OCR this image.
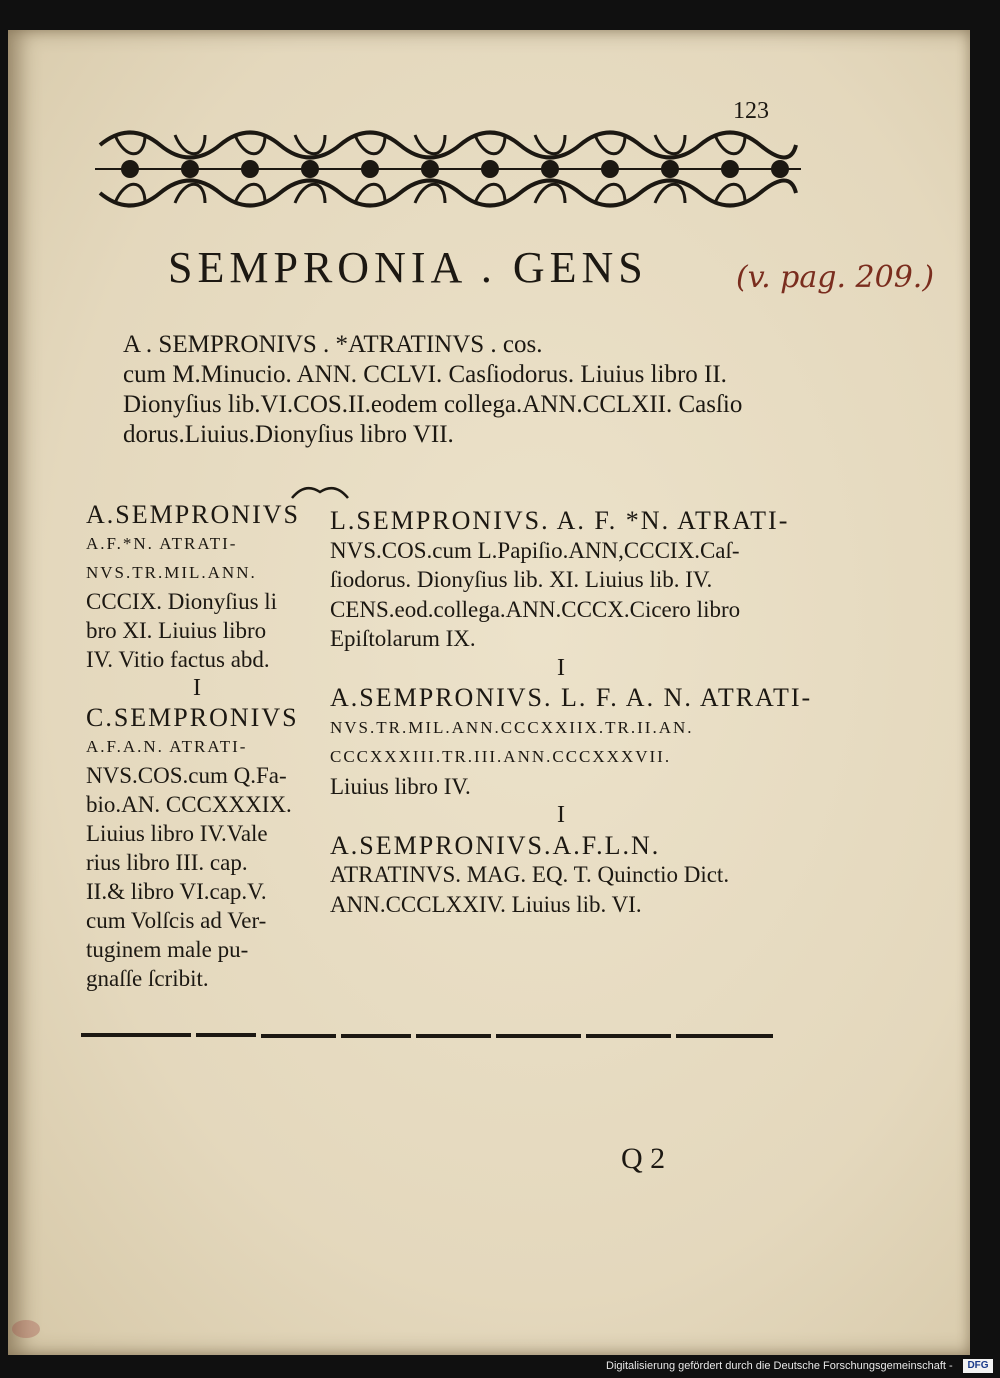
123
SEMPRONIA . GENS	(v. pag. 209.)
A . SEMPRONIVS . *ATRATINVS . cos.
cum M.Minucio. ANN. CCLVI. Casſiodorus. Liuius libro II.
Dionyſius lib.VI.COS.II.eodem collega.ANN.CCLXII. Casſio
dorus.Liuius.Dionyſius libro VII.
A.SEMPRONIVS
A.F.*N. ATRATI-
NVS.TR.MIL.ANN.
CCCIX. Dionyſius li
bro XI. Liuius libro
IV. Vitio factus abd.
I
C.SEMPRONIVS
A.F.A.N. ATRATI-
NVS.COS.cum Q.Fa-
bio.AN. CCCXXXIX.
Liuius libro IV.Vale
rius libro III. cap.
II.& libro VI.cap.V.
cum Volſcis ad Ver-
tuginem male pu-
gnaſſe ſcribit.
L.SEMPRONIVS. A. F. *N. ATRATI-
NVS.COS.cum L.Papiſio.ANN,CCCIX.Caſ-
ſiodorus. Dionyſius lib. XI. Liuius lib. IV.
CENS.eod.collega.ANN.CCCX.Cicero libro
Epiſtolarum IX.
I
A.SEMPRONIVS. L. F. A. N. ATRATI-
NVS.TR.MIL.ANN.CCCXXIIX.TR.II.AN.
CCCXXXIII.TR.III.ANN.CCCXXXVII.
Liuius libro IV.
I
A.SEMPRONIVS.A.F.L.N.
ATRATINVS. MAG. EQ. T. Quinctio Dict.
ANN.CCCLXXIV. Liuius lib. VI.
Q 2
Digitalisierung gefördert durch die Deutsche Forschungsgemeinschaft -	DFG
